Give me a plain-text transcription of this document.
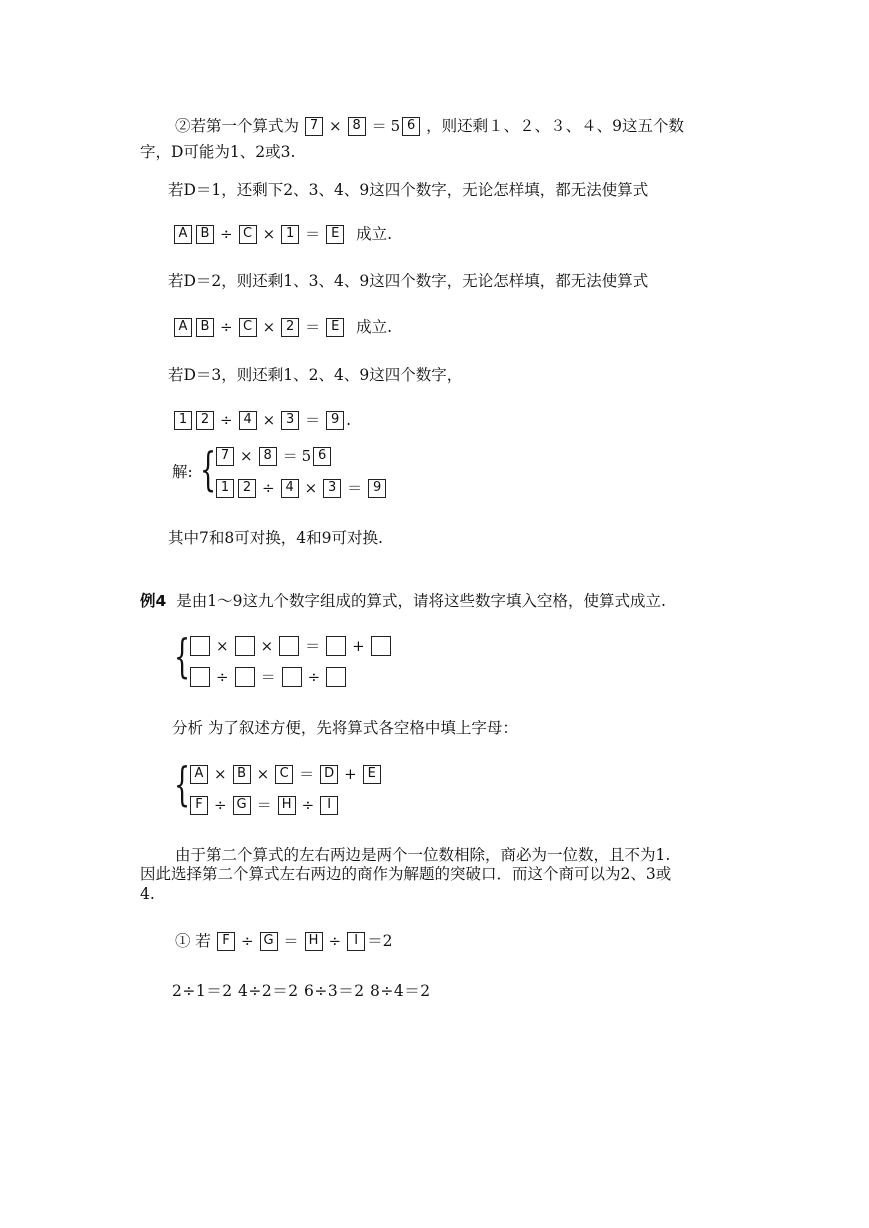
②若第一个算式为 7 × 8 ＝ 5 6 ，则还剩１、２、３、４、9这五个数
字，D可能为1、2或3.
若D＝1，还剩下2、3、4、9这四个数字，无论怎样填，都无法使算式
A	B ÷ C × 1 ＝ E	成立.
若D＝2，则还剩1、3、4、9这四个数字，无论怎样填，都无法使算式
A	B ÷ C × 2 ＝ E	成立.
若D＝3，则还剩1、2、4、9这四个数字，
1	2 ÷ 4 × 3 ＝ 9 .
解: { 7 × 8 ＝ 5 6
1	2 ÷ 4 × 3 ＝ 9
其中7和8可对换，4和9可对换.
例4 是由1～9这九个数字组成的算式，请将这些数字填入空格，使算式成立.
{ × × ＝ +
÷ ＝ ÷
分析 为了叙述方便，先将算式各空格中填上字母：
{ A × B × C ＝ D + E
F ÷ G ＝ H ÷	I
由于第二个算式的左右两边是两个一位数相除，商必为一位数，且不为1.
因此选择第二个算式左右两边的商作为解题的突破口．而这个商可以为2、3或
4.
① 若 F ÷ G ＝ H ÷	I ＝2
2÷1＝2 4÷2＝2 6÷3＝2 8÷4＝2
